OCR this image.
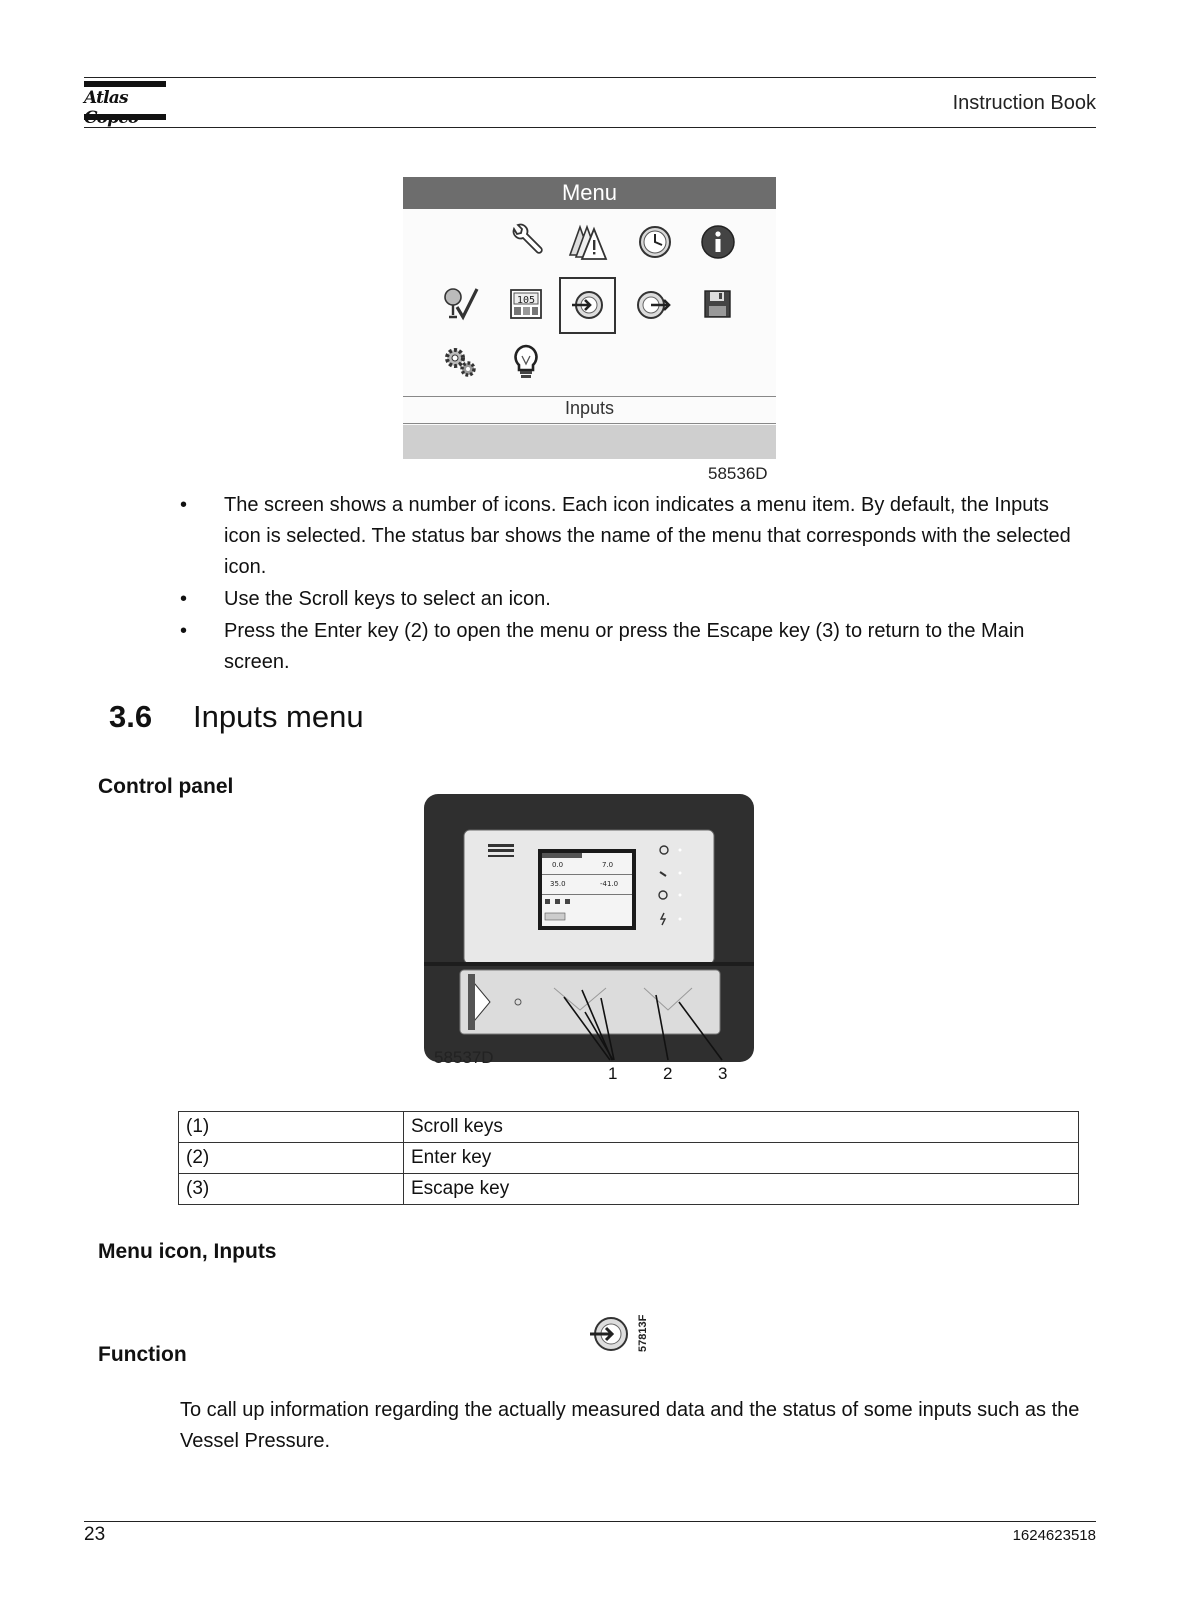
Atlas	Instruction Book
Menu
105
Inputs
58536D
• The screen shows a number of icons. Each icon indicates a menu item. By default, the Inputs icon is selected. The status bar shows the name of the menu that corresponds with the selected icon.
• Use the Scroll keys to select an icon.
• Press the Enter key (2) to open the menu or press the Escape key (3) to return to the Main screen.
3.6 Inputs menu
Control panel
0.0	7.0
35.0	-41.0
58537D
1	2	3
(1)	Scroll keys
(2)	Enter key
(3)	Escape key
Menu icon, Inputs
57813F
Function
To call up information regarding the actually measured data and the status of some inputs such as the Vessel Pressure.
23	1624623518
